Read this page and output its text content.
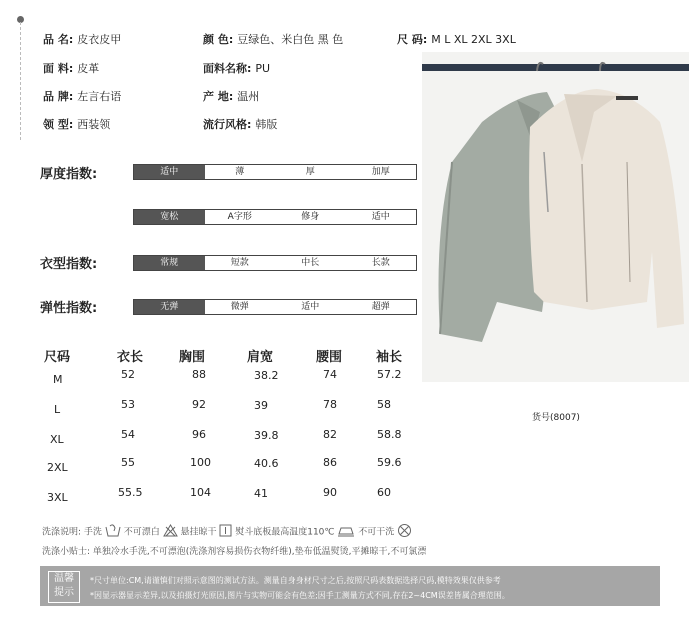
品 名: 皮衣皮甲	颜 色: 豆绿色、米白色 黑 色	尺 码: M L XL 2XL 3XL
面 料: 皮革	面料名称: PU
品 牌: 左言右语	产 地: 温州
领 型: 西装领	流行风格: 韩版
厚度指数:	适中	薄	厚	加厚
宽松	A字形	修身	适中
衣型指数:	常规	短款	中长	长款
弹性指数:	无弹	微弹	适中	超弹
尺码	衣长	胸围	肩宽	腰围	袖长
M	52	88	38.2	74	57.2
L	53	92	39	78	58
XL	54	96	39.8	82	58.8
2XL	55	100	40.6	86	59.6
3XL	55.5	104	41	90	60
洗涤说明: 手洗 不可漂白 悬挂晾干 熨斗底板最高温度110℃	不可干洗
洗涤小贴士: 单独冷水手洗,不可漂泡(洗涤剂容易损伤衣物纤维),垫布低温熨烫,平摊晾干,不可氯漂
温馨
提示
*尺寸单位:CM,请谨慎们对照示意图的测试方法。测量自身身材尺寸之后,按照尺码表数据选择尺码,模特效果仅供参考
*因显示器显示差异,以及拍摄灯光原因,图片与实物可能会有色差;因手工测量方式不同,存在2~4CM误差皆属合理范围。
货号(8007)
